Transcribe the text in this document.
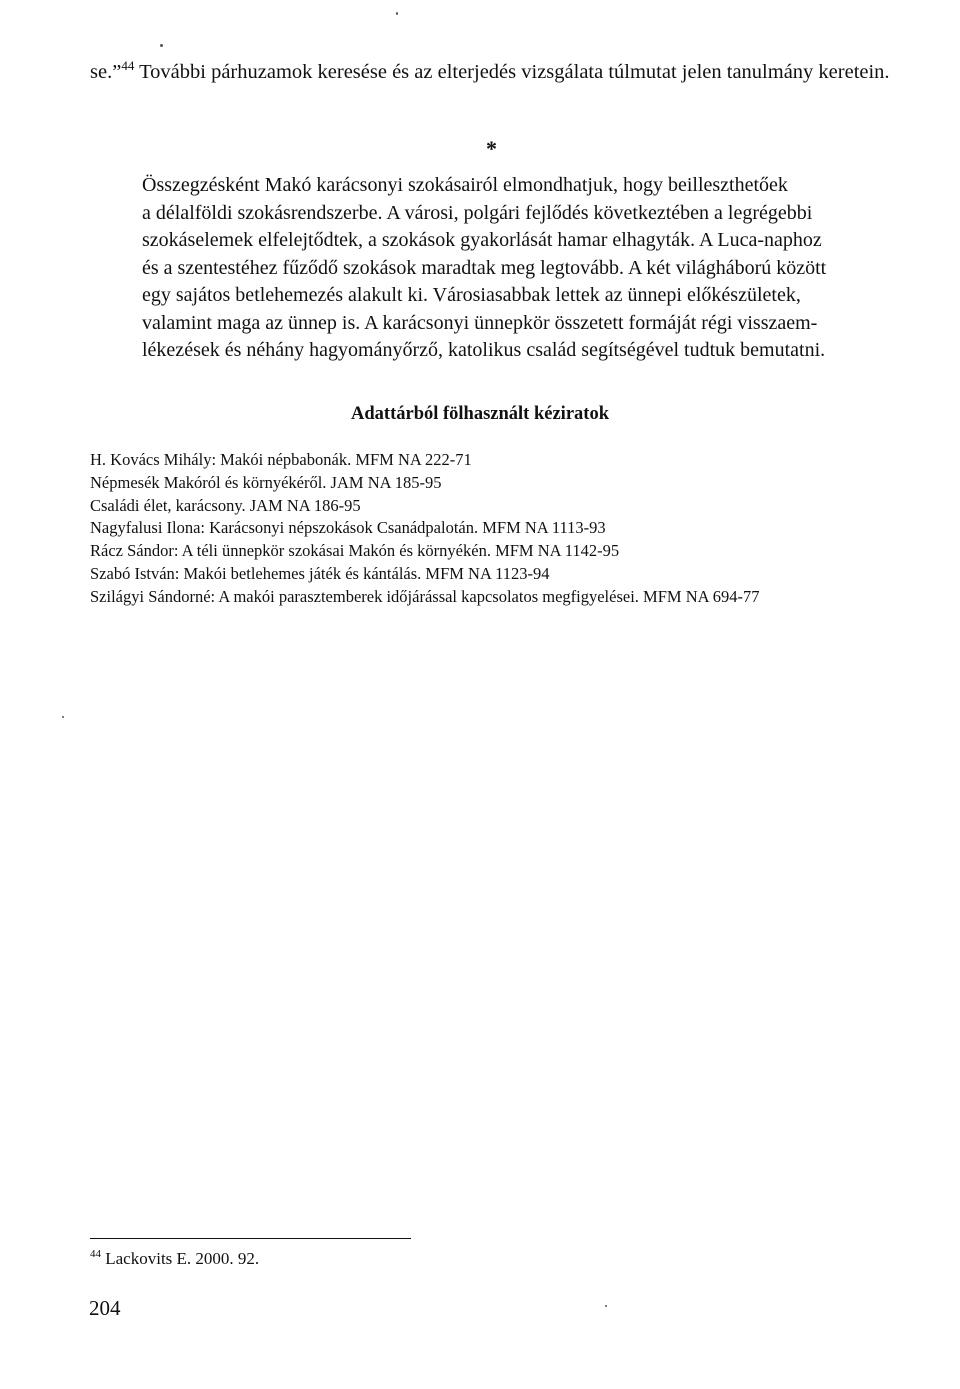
se.”$^{44}$ További párhuzamok keresése és az elterjedés vizsgálata túlmutat jelen tanulmány keretein.

*

Összegzésként Makó karácsonyi szokásairól elmondhatjuk, hogy beilleszthetőek
a délalföldi szokásrendszerbe. A városi, polgári fejlődés következtében a legrégebbi
szokáselemek elfelejtődtek, a szokások gyakorlását hamar elhagyták. A Luca-naphoz
és a szentestéhez fűződő szokások maradtak meg legtovább. A két világháború között
egy sajátos betlehemezés alakult ki. Városiasabbak lettek az ünnepi előkészületek,
valamint maga az ünnep is. A karácsonyi ünnepkör összetett formáját régi visszaem-
lékezések és néhány hagyományőrző, katolikus család segítségével tudtuk bemutatni.

Adattárból fölhasznált kéziratok
H. Kovács Mihály: Makói népbabonák. MFM NA 222-71
Népmesék Makóról és környékéről. JAM NA 185-95
Családi élet, karácsony. JAM NA 186-95
Nagyfalusi Ilona: Karácsonyi népszokások Csanádpalotán. MFM NA 1113-93
Rácz Sándor: A téli ünnepkör szokásai Makón és környékén. MFM NA 1142-95
Szabó István: Makói betlehemes játék és kántálás. MFM NA 1123-94
Szilágyi Sándorné: A makói parasztemberek időjárással kapcsolatos megfigyelései. MFM NA 694-77

$^{44}$ Lackovits E. 2000. 92.

204
